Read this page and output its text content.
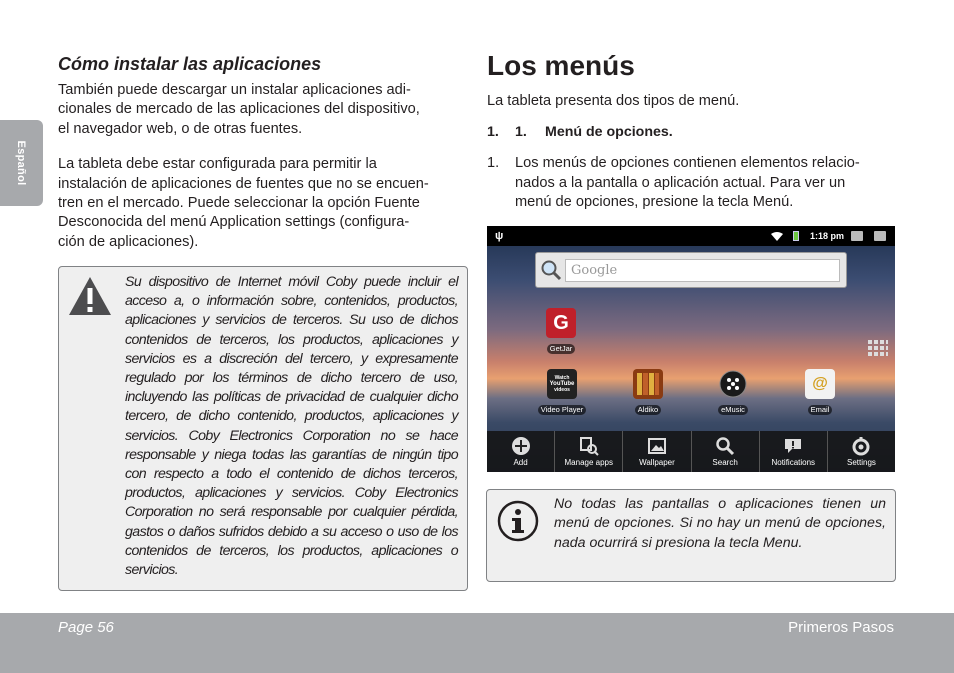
Español
Cómo instalar las aplicaciones
También puede descargar un instalar aplicaciones adi-
cionales de mercado de las aplicaciones del dispositivo,
el navegador web, o de otras fuentes.
La tableta debe estar configurada para permitir la
instalación de aplicaciones de fuentes que no se encuen-
tren en el mercado. Puede seleccionar la opción Fuente
Desconocida del menú Application settings (configura-
ción de aplicaciones).
Su dispositivo de Internet móvil Coby puede incluir el acceso a, o información sobre, contenidos, productos, aplicaciones y servicios de terceros. Su uso de dichos contenidos de terceros, los productos, aplicaciones y servicios es a discreción del tercero, y expresamente regulado por los términos de dicho tercero de uso, incluyendo las políticas de privacidad de cualquier dicho tercero, de dicho contenido, productos, aplicaciones y servicios. Coby Electronics Corporation no se hace responsable y niega todas las garantías de ningún tipo con respecto a todo el contenido de dichos terceros, productos, aplicaciones y servicios. Coby Electronics Corporation no será responsable por cualquier pérdida, gastos o daños sufridos debido a su acceso o uso de los contenidos de terceros, los productos, aplicaciones o servicios.
Los menús
La tableta presenta dos tipos de menú.
1.	1.	Menú de opciones.
1.	Los menús de opciones contienen elementos relacio-
nados a la pantalla o aplicación actual. Para ver un
menú de opciones, presione la tecla Menú.
ψ	1:18 pm
Google
G
GetJar
Watch
YouTube
videos
Video Player	Aldiko	eMusic
@
Email
Add	Manage apps	Wallpaper	Search	Notifications	Settings
No todas las pantallas o aplicaciones tienen un menú de opciones. Si no hay un menú de opciones, nada ocurrirá si presiona la tecla Menu.
Page 56	Primeros Pasos
